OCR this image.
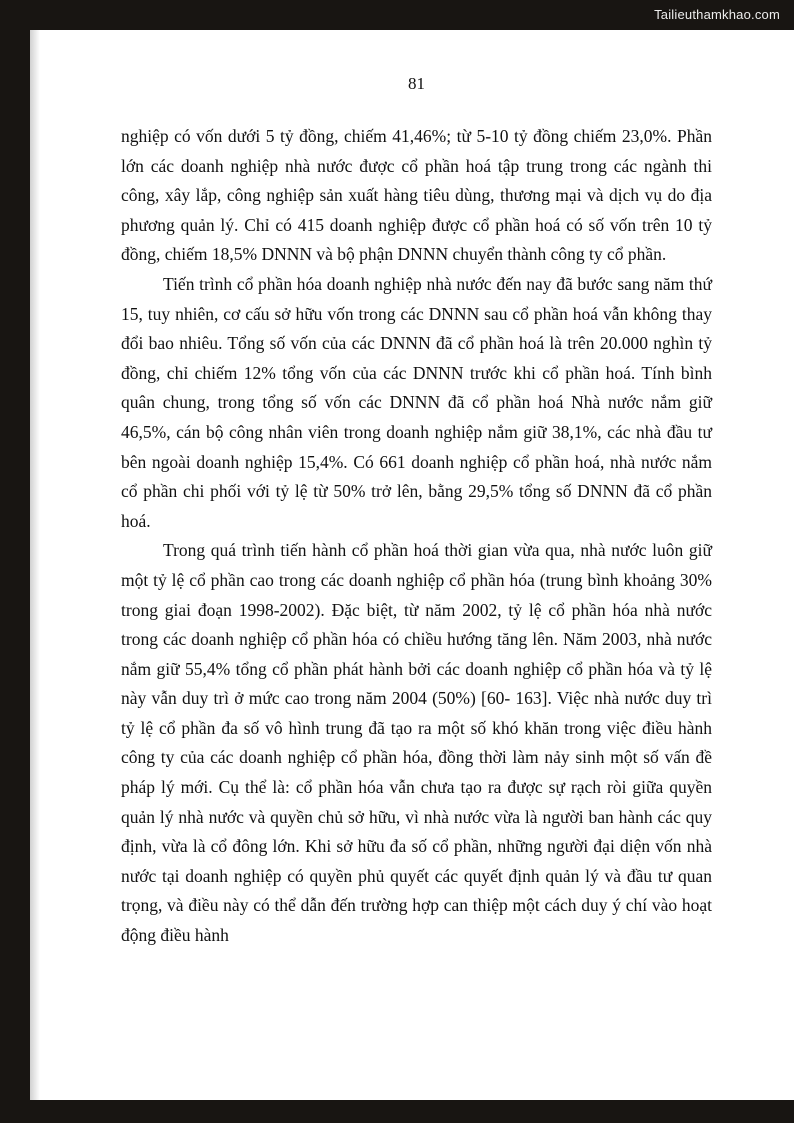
Tailieuthamkhao.com
81

nghiệp có vốn dưới 5 tỷ đồng, chiếm 41,46%; từ 5-10 tỷ đồng chiếm 23,0%. Phần lớn các doanh nghiệp nhà nước được cổ phần hoá tập trung trong các ngành thi công, xây lắp, công nghiệp sản xuất hàng tiêu dùng, thương mại và dịch vụ do địa phương quản lý. Chỉ có 415 doanh nghiệp được cổ phần hoá có số vốn trên 10 tỷ đồng, chiếm 18,5% DNNN và bộ phận DNNN chuyển thành công ty cổ phần.

Tiến trình cổ phần hóa doanh nghiệp nhà nước đến nay đã bước sang năm thứ 15, tuy nhiên, cơ cấu sở hữu vốn trong các DNNN sau cổ phần hoá vẫn không thay đổi bao nhiêu. Tổng số vốn của các DNNN đã cổ phần hoá là trên 20.000 nghìn tỷ đồng, chỉ chiếm 12% tổng vốn của các DNNN trước khi cổ phần hoá. Tính bình quân chung, trong tổng số vốn các DNNN đã cổ phần hoá Nhà nước nắm giữ 46,5%, cán bộ công nhân viên trong doanh nghiệp nắm giữ 38,1%, các nhà đầu tư bên ngoài doanh nghiệp 15,4%. Có 661 doanh nghiệp cổ phần hoá, nhà nước nắm cổ phần chi phối với tỷ lệ từ 50% trở lên, bằng 29,5% tổng số DNNN đã cổ phần hoá.

Trong quá trình tiến hành cổ phần hoá thời gian vừa qua, nhà nước luôn giữ một tỷ lệ cổ phần cao trong các doanh nghiệp cổ phần hóa (trung bình khoảng 30% trong giai đoạn 1998-2002). Đặc biệt, từ năm 2002, tỷ lệ cổ phần hóa nhà nước trong các doanh nghiệp cổ phần hóa có chiều hướng tăng lên. Năm 2003, nhà nước nắm giữ 55,4% tổng cổ phần phát hành bởi các doanh nghiệp cổ phần hóa và tỷ lệ này vẫn duy trì ở mức cao trong năm 2004 (50%) [60- 163]. Việc nhà nước duy trì tỷ lệ cổ phần đa số vô hình trung đã tạo ra một số khó khăn trong việc điều hành công ty của các doanh nghiệp cổ phần hóa, đồng thời làm nảy sinh một số vấn đề pháp lý mới. Cụ thể là: cổ phần hóa vẫn chưa tạo ra được sự rạch ròi giữa quyền quản lý nhà nước và quyền chủ sở hữu, vì nhà nước vừa là người ban hành các quy định, vừa là cổ đông lớn. Khi sở hữu đa số cổ phần, những người đại diện vốn nhà nước tại doanh nghiệp có quyền phủ quyết các quyết định quản lý và đầu tư quan trọng, và điều này có thể dẫn đến trường hợp can thiệp một cách duy ý chí vào hoạt động điều hành
